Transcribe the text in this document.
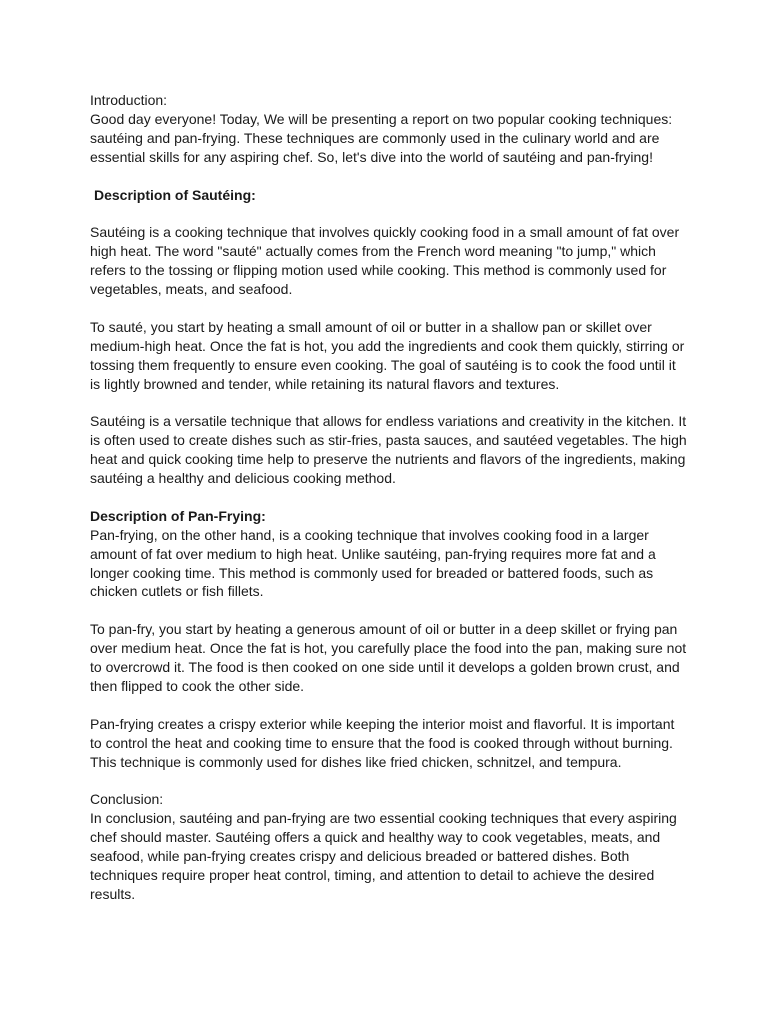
Introduction:

Good day everyone! Today, We will be presenting a report on two popular cooking techniques: sautéing and pan-frying. These techniques are commonly used in the culinary world and are essential skills for any aspiring chef. So, let's dive into the world of sautéing and pan-frying!

Description of Sautéing:

Sautéing is a cooking technique that involves quickly cooking food in a small amount of fat over high heat. The word "sauté" actually comes from the French word meaning "to jump," which refers to the tossing or flipping motion used while cooking. This method is commonly used for vegetables, meats, and seafood.

To sauté, you start by heating a small amount of oil or butter in a shallow pan or skillet over medium-high heat. Once the fat is hot, you add the ingredients and cook them quickly, stirring or tossing them frequently to ensure even cooking. The goal of sautéing is to cook the food until it is lightly browned and tender, while retaining its natural flavors and textures.

Sautéing is a versatile technique that allows for endless variations and creativity in the kitchen. It is often used to create dishes such as stir-fries, pasta sauces, and sautéed vegetables. The high heat and quick cooking time help to preserve the nutrients and flavors of the ingredients, making sautéing a healthy and delicious cooking method.

Description of Pan-Frying:

Pan-frying, on the other hand, is a cooking technique that involves cooking food in a larger amount of fat over medium to high heat. Unlike sautéing, pan-frying requires more fat and a longer cooking time. This method is commonly used for breaded or battered foods, such as chicken cutlets or fish fillets.

To pan-fry, you start by heating a generous amount of oil or butter in a deep skillet or frying pan over medium heat. Once the fat is hot, you carefully place the food into the pan, making sure not to overcrowd it. The food is then cooked on one side until it develops a golden brown crust, and then flipped to cook the other side.

Pan-frying creates a crispy exterior while keeping the interior moist and flavorful. It is important to control the heat and cooking time to ensure that the food is cooked through without burning. This technique is commonly used for dishes like fried chicken, schnitzel, and tempura.

Conclusion:

In conclusion, sautéing and pan-frying are two essential cooking techniques that every aspiring chef should master. Sautéing offers a quick and healthy way to cook vegetables, meats, and seafood, while pan-frying creates crispy and delicious breaded or battered dishes. Both techniques require proper heat control, timing, and attention to detail to achieve the desired results.
